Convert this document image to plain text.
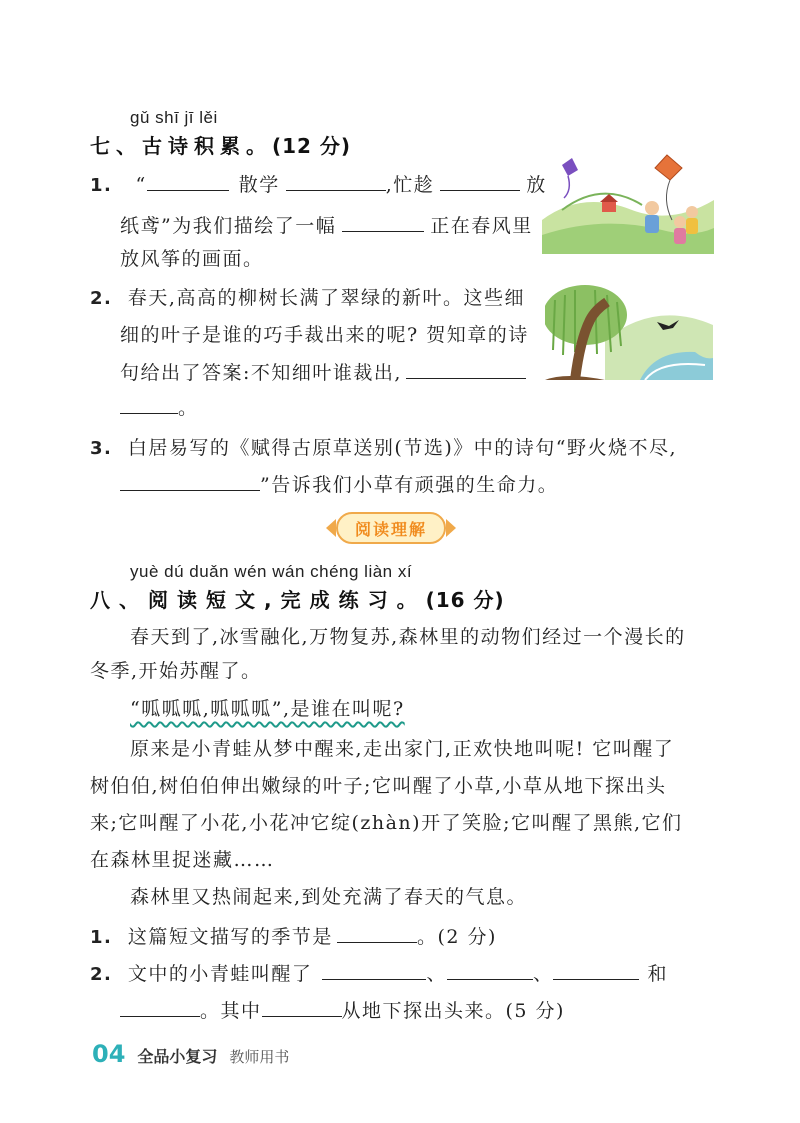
gǔ shī jī lěi
七、古诗积累。(12 分)
1. “	散学	,忙趁	放
纸鸢”为我们描绘了一幅	正在春风里
放风筝的画面。
2. 春天,高高的柳树长满了翠绿的新叶。这些细
细的叶子是谁的巧手裁出来的呢? 贺知章的诗
句给出了答案:不知细叶谁裁出,
。
3. 白居易写的《赋得古原草送别(节选)》中的诗句“野火烧不尽,
”告诉我们小草有顽强的生命力。
阅读理解
yuè dú duǎn wén wán chéng liàn xí
八、阅读短文,完成练习。(16 分)
春天到了,冰雪融化,万物复苏,森林里的动物们经过一个漫长的
冬季,开始苏醒了。
“呱呱呱,呱呱呱”,是谁在叫呢?
原来是小青蛙从梦中醒来,走出家门,正欢快地叫呢! 它叫醒了
树伯伯,树伯伯伸出嫩绿的叶子;它叫醒了小草,小草从地下探出头
来;它叫醒了小花,小花冲它绽(zhàn)开了笑脸;它叫醒了黑熊,它们
在森林里捉迷藏……
森林里又热闹起来,到处充满了春天的气息。
1. 这篇短文描写的季节是	。(2 分)
2. 文中的小青蛙叫醒了	、	、	和
。其中	从地下探出头来。(5 分)
04 全品小复习 教师用书
